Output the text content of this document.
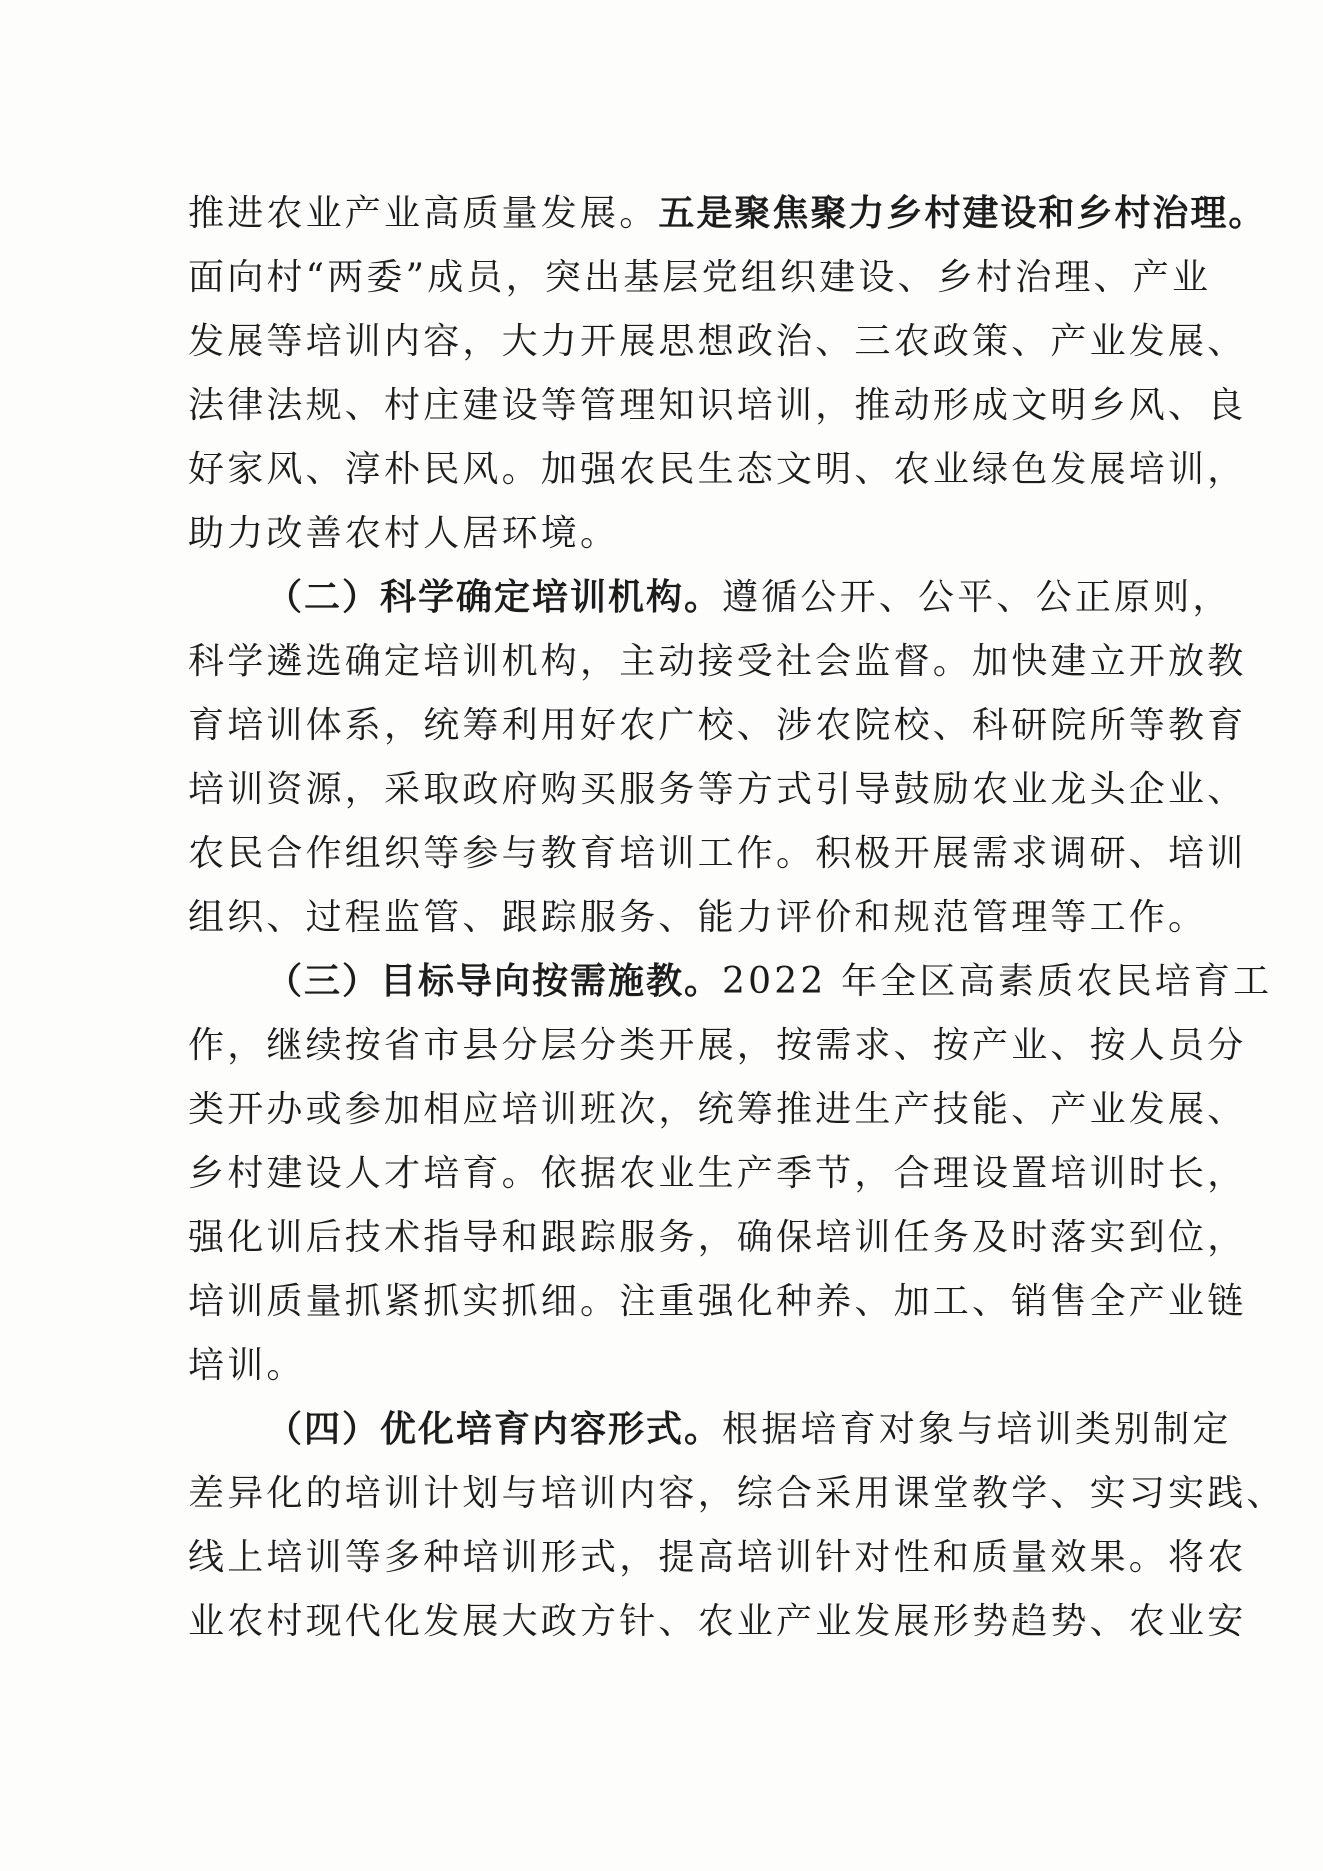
推进农业产业高质量发展。五是聚焦聚力乡村建设和乡村治理。
面向村“两委”成员，突出基层党组织建设、乡村治理、产业
发展等培训内容，大力开展思想政治、三农政策、产业发展、
法律法规、村庄建设等管理知识培训，推动形成文明乡风、良
好家风、淳朴民风。加强农民生态文明、农业绿色发展培训，
助力改善农村人居环境。
（二）科学确定培训机构。遵循公开、公平、公正原则，
科学遴选确定培训机构，主动接受社会监督。加快建立开放教
育培训体系，统筹利用好农广校、涉农院校、科研院所等教育
培训资源，采取政府购买服务等方式引导鼓励农业龙头企业、
农民合作组织等参与教育培训工作。积极开展需求调研、培训
组织、过程监管、跟踪服务、能力评价和规范管理等工作。
（三）目标导向按需施教。2022 年全区高素质农民培育工
作，继续按省市县分层分类开展，按需求、按产业、按人员分
类开办或参加相应培训班次，统筹推进生产技能、产业发展、
乡村建设人才培育。依据农业生产季节，合理设置培训时长，
强化训后技术指导和跟踪服务，确保培训任务及时落实到位，
培训质量抓紧抓实抓细。注重强化种养、加工、销售全产业链
培训。
（四）优化培育内容形式。根据培育对象与培训类别制定
差异化的培训计划与培训内容，综合采用课堂教学、实习实践、
线上培训等多种培训形式，提高培训针对性和质量效果。将农
业农村现代化发展大政方针、农业产业发展形势趋势、农业安
